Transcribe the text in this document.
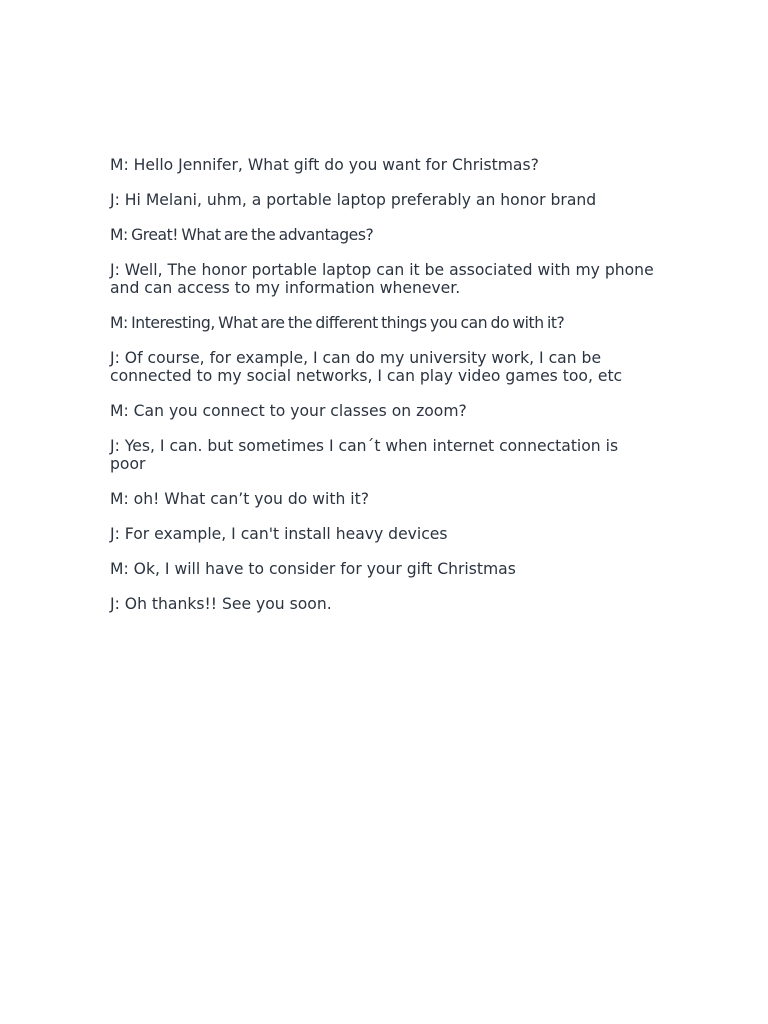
M: Hello Jennifer, What gift do you want for Christmas?

J: Hi Melani, uhm, a portable laptop preferably an honor brand

M: Great! What are the advantages?

J: Well, The honor portable laptop can it be associated with my phone and can access to my information whenever.

M: Interesting, What are the different things you can do with it?

J: Of course, for example, I can do my university work, I can be connected to my social networks, I can play video games too, etc

M: Can you connect to your classes on zoom?

J: Yes, I can. but sometimes I can´t when internet connectation is poor

M: oh! What can’t you do with it?

J: For example, I can't install heavy devices

M: Ok, I will have to consider for your gift Christmas

J: Oh thanks!! See you soon.
